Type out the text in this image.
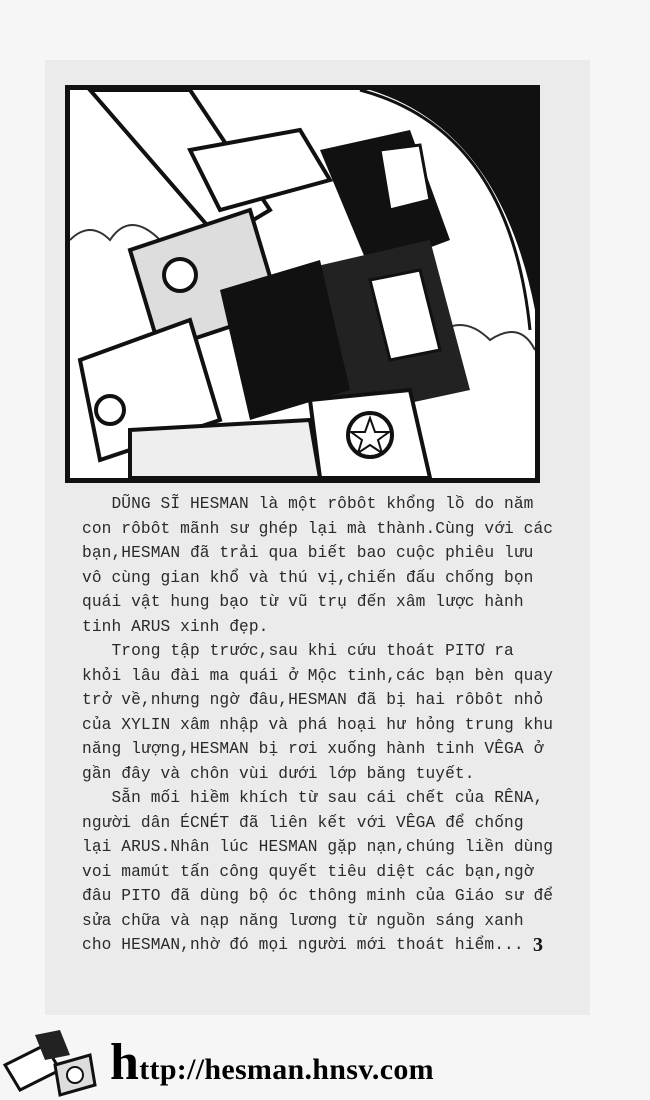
DŨNG SĨ HESMAN là một rôbôt khổng lồ do năm
con rôbôt mãnh sư ghép lại mà thành.Cùng với các
bạn,HESMAN đã trải qua biết bao cuộc phiêu lưu
vô cùng gian khổ và thú vị,chiến đấu chống bọn
quái vật hung bạo từ vũ trụ đến xâm lược hành
tinh ARUS xinh đẹp.
Trong tập trước,sau khi cứu thoát PITƠ ra
khỏi lâu đài ma quái ở Mộc tinh,các bạn bèn quay
trở về,nhưng ngờ đâu,HESMAN đã bị hai rôbôt nhỏ
của XYLIN xâm nhập và phá hoại hư hỏng trung khu
năng lượng,HESMAN bị rơi xuống hành tinh VÊGA ở
gần đây và chôn vùi dưới lớp băng tuyết.
Sẵn mối hiềm khích từ sau cái chết của RÊNA,
người dân ÉCNÉT đã liên kết với VÊGA để chống
lại ARUS.Nhân lúc HESMAN gặp nạn,chúng liền dùng
voi mamút tấn công quyết tiêu diệt các bạn,ngờ
đâu PITO đã dùng bộ óc thông minh của Giáo sư để
sửa chữa và nạp năng lương từ nguồn sáng xanh
cho HESMAN,nhờ đó mọi người mới thoát hiểm... 3
http://hesman.hnsv.com
